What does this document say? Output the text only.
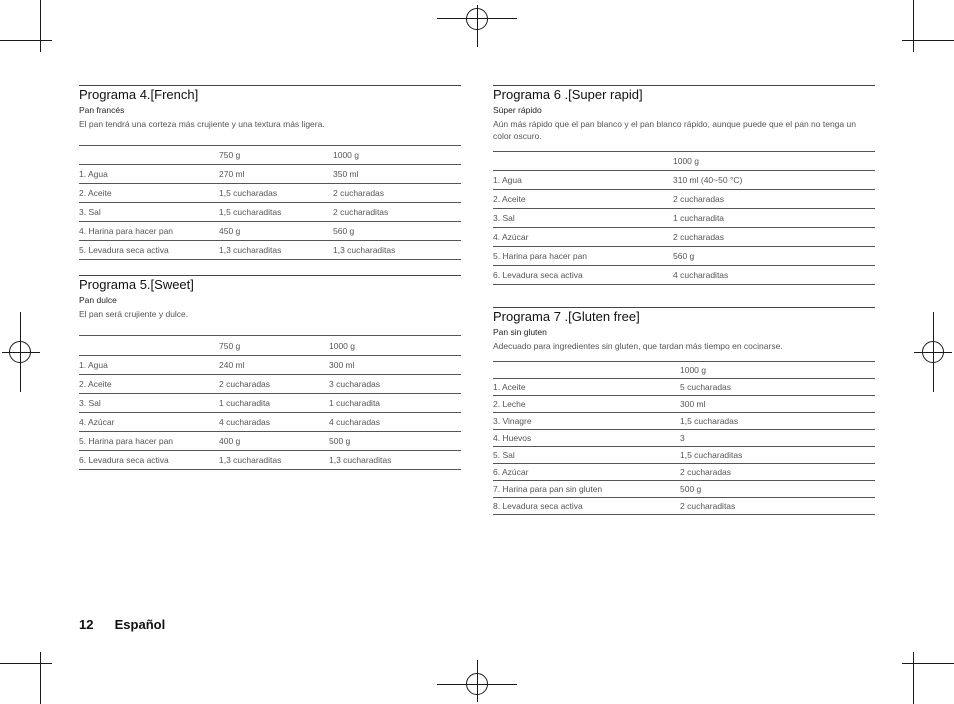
Programa 4.[French]
Pan francés

El pan tendrá una corteza más crujiente y una textura más ligera.

	750 g	1000 g
1. Agua	270 ml	350 ml
2. Aceite	1,5 cucharadas	2 cucharadas
3. Sal	1,5 cucharaditas	2 cucharaditas
4. Harina para hacer pan	450 g	560 g
5. Levadura seca activa	1,3 cucharaditas	1,3 cucharaditas
Programa 5.[Sweet]
Pan dulce

El pan será crujiente y dulce.

	750 g	1000 g
1. Agua	240 ml	300 ml
2. Aceite	2 cucharadas	3 cucharadas
3. Sal	1 cucharadita	1 cucharadita
4. Azúcar	4 cucharadas	4 cucharadas
5. Harina para hacer pan	400 g	500 g
6. Levadura seca activa	1,3 cucharaditas	1,3 cucharaditas
Programa 6 .[Super rapid]
Súper rápido

Aún más rápido que el pan blanco y el pan blanco rápido, aunque puede que el pan no tenga un color oscuro.

	1000 g
1. Agua	310 ml (40~50 °C)
2. Aceite	2 cucharadas
3. Sal	1 cucharadita
4. Azúcar	2 cucharadas
5. Harina para hacer pan	560 g
6. Levadura seca activa	4 cucharaditas
Programa 7 .[Gluten free]
Pan sin gluten

Adecuado para ingredientes sin gluten, que tardan más tiempo en cocinarse.

	1000 g
1. Aceite	5 cucharadas
2. Leche	300 ml
3. Vinagre	1,5 cucharadas
4. Huevos	3
5. Sal	1,5 cucharaditas
6. Azúcar	2 cucharadas
7. Harina para pan sin gluten	500 g
8. Levadura seca activa	2 cucharaditas
12 Español
